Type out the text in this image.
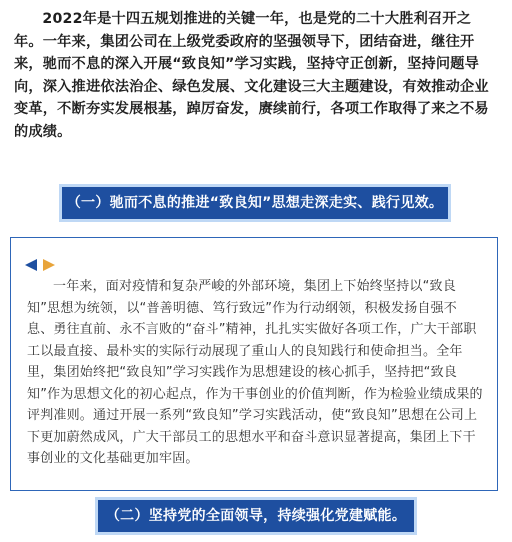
2022年是十四五规划推进的关键一年，也是党的二十大胜利召开之年。一年来，集团公司在上级党委政府的坚强领导下，团结奋进，继往开来，驰而不息的深入开展“致良知”学习实践，坚持守正创新，坚持问题导向，深入推进依法治企、绿色发展、文化建设三大主题建设，有效推动企业变革，不断夯实发展根基，踔厉奋发，赓续前行，各项工作取得了来之不易的成绩。

（一）驰而不息的推进“致良知”思想走深走实、践行见效。

一年来，面对疫情和复杂严峻的外部环境，集团上下始终坚持以“致良知”思想为统领，以“普善明德、笃行致远”作为行动纲领，积极发扬自强不息、勇往直前、永不言败的“奋斗”精神，扎扎实实做好各项工作，广大干部职工以最直接、最朴实的实际行动展现了重山人的良知践行和使命担当。全年里，集团始终把“致良知”学习实践作为思想建设的核心抓手，坚持把“致良知”作为思想文化的初心起点，作为干事创业的价值判断，作为检验业绩成果的评判准则。通过开展一系列“致良知”学习实践活动，使“致良知”思想在公司上下更加蔚然成风，广大干部员工的思想水平和奋斗意识显著提高，集团上下干事创业的文化基础更加牢固。

（二）坚持党的全面领导，持续强化党建赋能。
